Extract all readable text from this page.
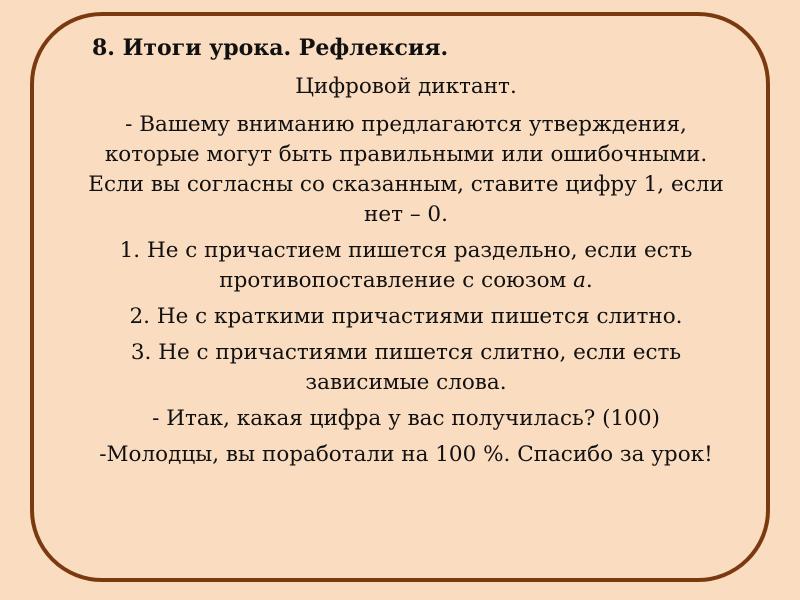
8. Итоги урока. Рефлексия.
Цифровой диктант.
- Вашему вниманию предлагаются утверждения, которые могут быть правильными или ошибочными. Если вы согласны со сказанным, ставите цифру 1, если нет – 0.
1. Не с причастием пишется раздельно, если есть противопоставление с союзом а.
2. Не с краткими причастиями пишется слитно.
3. Не с причастиями пишется слитно, если есть зависимые слова.
- Итак, какая цифра у вас получилась? (100)
-Молодцы, вы поработали на 100 %. Спасибо за урок!
